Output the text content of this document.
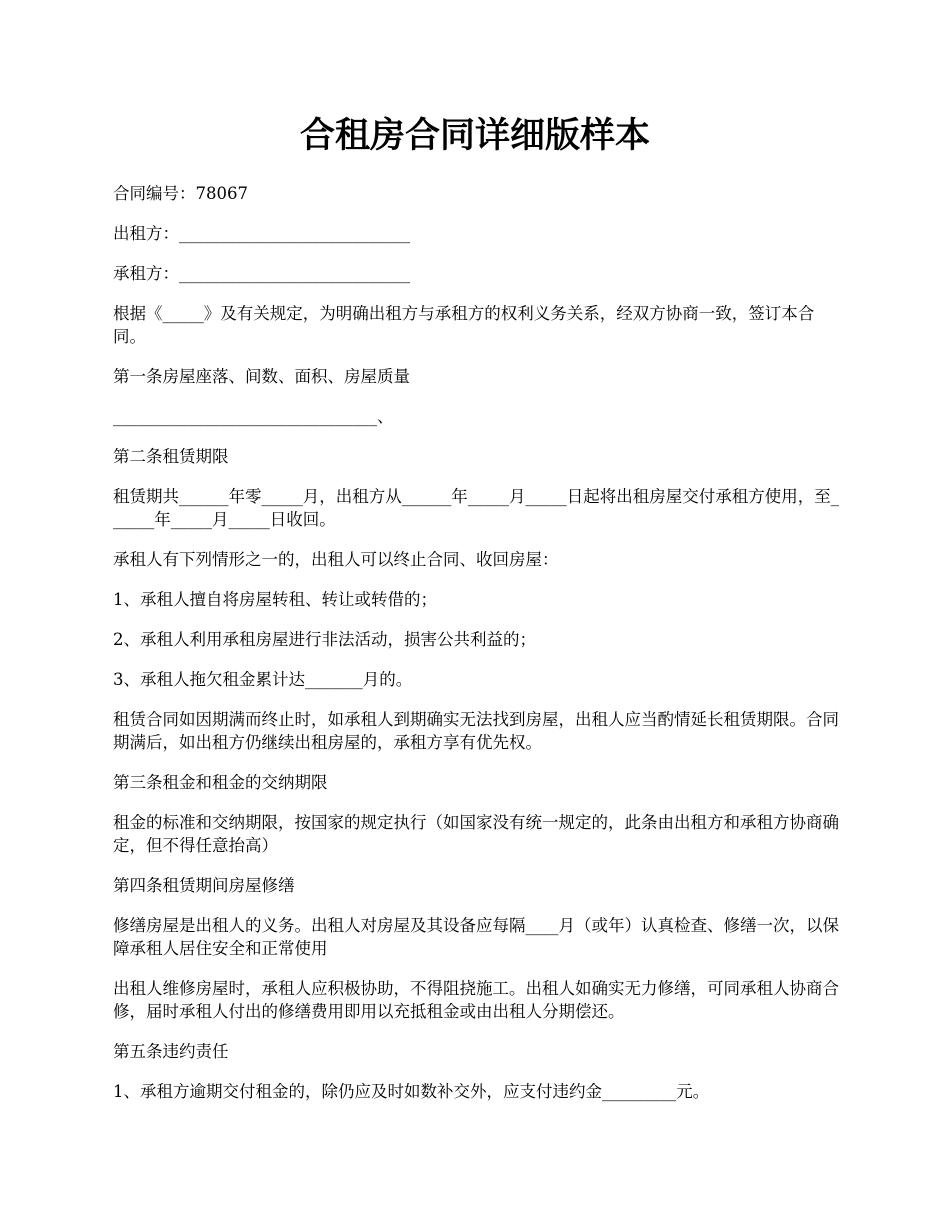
合租房合同详细版样本

合同编号：78067

出租方：____________________________

承租方：____________________________

根据《_____》及有关规定，为明确出租方与承租方的权利义务关系，经双方协商一致，签订本合同。

第一条房屋座落、间数、面积、房屋质量

________________________________、

第二条租赁期限

租赁期共______年零_____月，出租方从______年_____月_____日起将出租房屋交付承租方使用，至______年_____月_____日收回。

承租人有下列情形之一的，出租人可以终止合同、收回房屋：

1、承租人擅自将房屋转租、转让或转借的；

2、承租人利用承租房屋进行非法活动，损害公共利益的；

3、承租人拖欠租金累计达_______月的。

租赁合同如因期满而终止时，如承租人到期确实无法找到房屋，出租人应当酌情延长租赁期限。合同期满后，如出租方仍继续出租房屋的，承租方享有优先权。

第三条租金和租金的交纳期限

租金的标准和交纳期限，按国家的规定执行（如国家没有统一规定的，此条由出租方和承租方协商确定，但不得任意抬高）

第四条租赁期间房屋修缮

修缮房屋是出租人的义务。出租人对房屋及其设备应每隔____月（或年）认真检查、修缮一次，以保障承租人居住安全和正常使用

出租人维修房屋时，承租人应积极协助，不得阻挠施工。出租人如确实无力修缮，可同承租人协商合修，届时承租人付出的修缮费用即用以充抵租金或由出租人分期偿还。

第五条违约责任

1、承租方逾期交付租金的，除仍应及时如数补交外，应支付违约金_________元。
